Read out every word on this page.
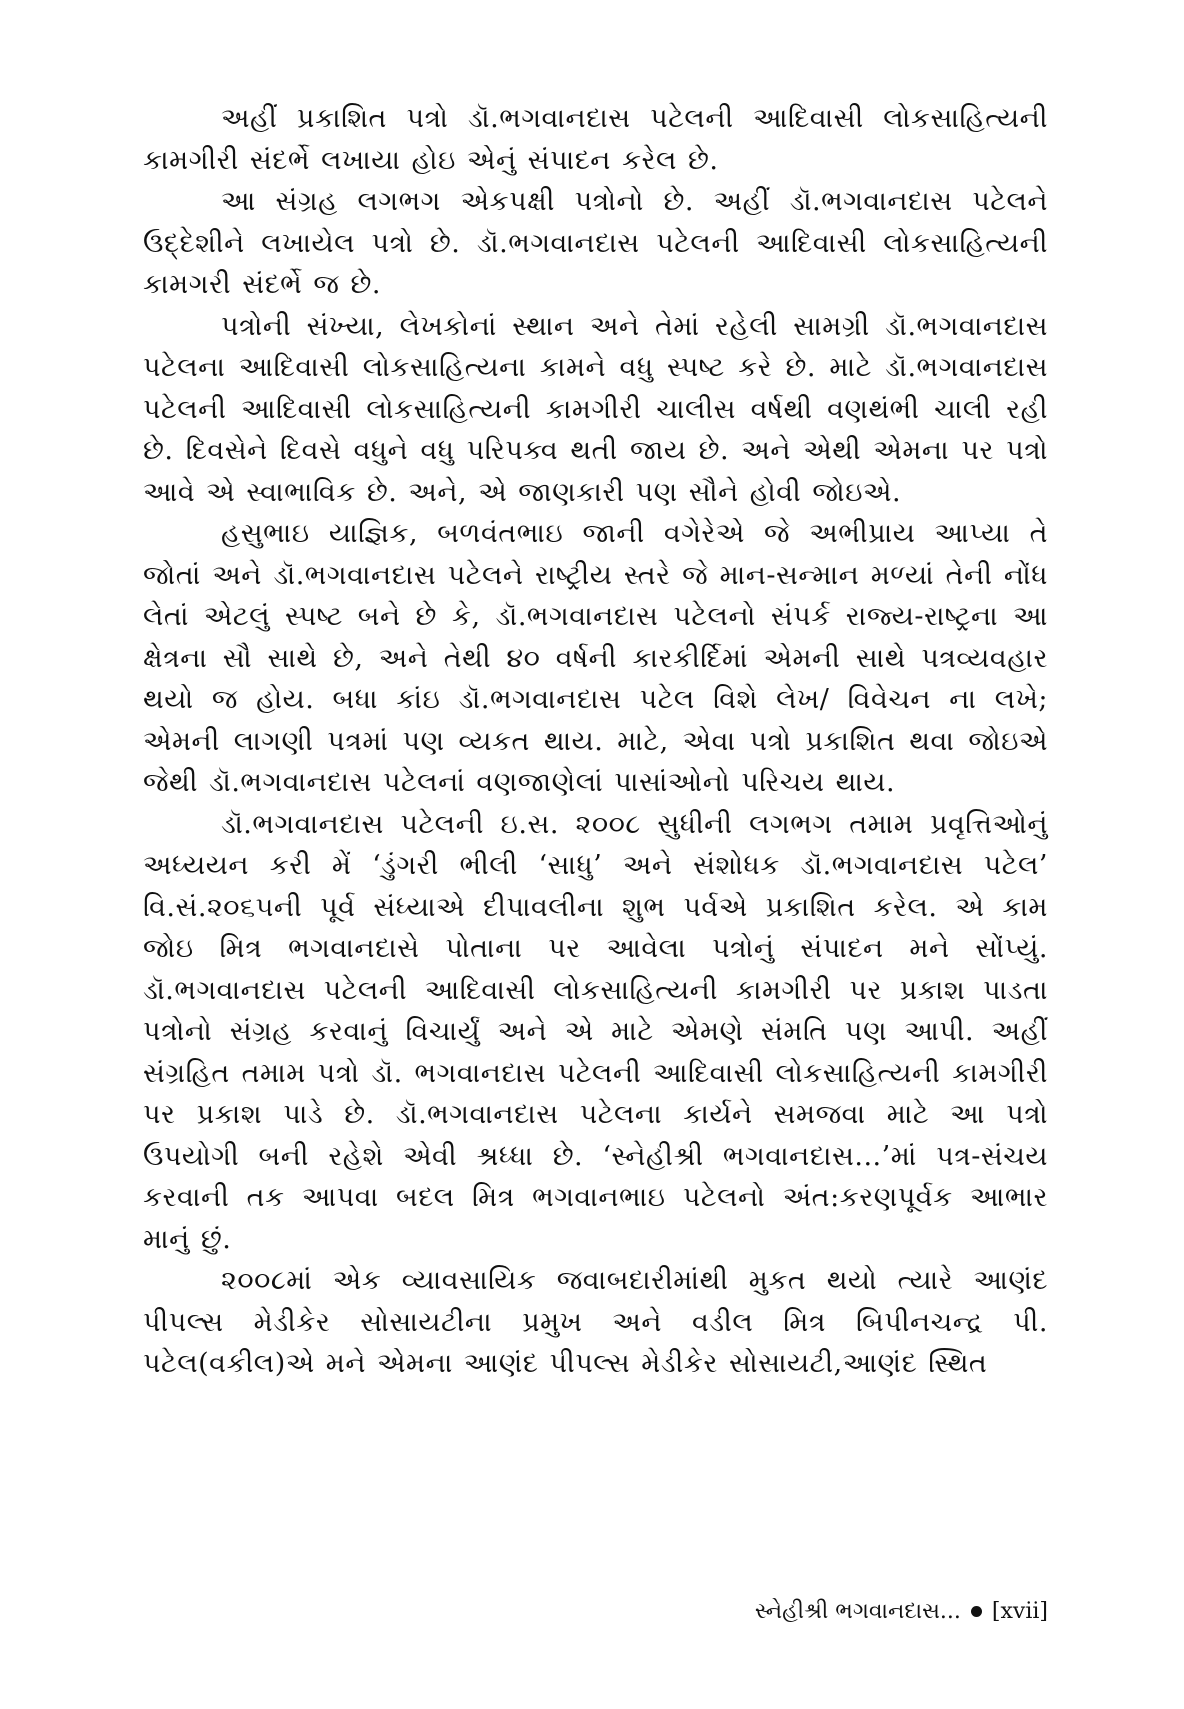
અહીં પ્રકાશિત પત્રો ડૉ.ભગવાનદાસ પટેલની આદિવાસી લોકસાહિત્યની કામગીરી સંદર્ભે લખાયા હોઇ એનું સંપાદન કરેલ છે.

આ સંગ્રહ લગભગ એકપક્ષી પત્રોનો છે. અહીં ડૉ.ભગવાનદાસ પટેલને ઉદ્દેશીને લખાયેલ પત્રો છે. ડૉ.ભગવાનદાસ પટેલની આદિવાસી લોકસાહિત્યની કામગરી સંદર્ભે જ છે.

પત્રોની સંખ્યા, લેખકોનાં સ્થાન અને તેમાં રહેલી સામગ્રી ડૉ.ભગવાનદાસ પટેલના આદિવાસી લોકસાહિત્યના કામને વધુ સ્પષ્ટ કરે છે. માટે ડૉ.ભગવાનદાસ પટેલની આદિવાસી લોકસાહિત્યની કામગીરી ચાલીસ વર્ષથી વણથંભી ચાલી રહી છે. દિવસેને દિવસે વધુને વધુ પરિપક્વ થતી જાય છે. અને એથી એમના પર પત્રો આવે એ સ્વાભાવિક છે. અને, એ જાણકારી પણ સૌને હોવી જોઇએ.

હસુભાઇ યાજ્ઞિક, બળવંતભાઇ જાની વગેરેએ જે અભીપ્રાય આપ્યા તે જોતાં અને ડૉ.ભગવાનદાસ પટેલને રાષ્ટ્રીય સ્તરે જે માન-સન્માન મળ્યાં તેની નોંધ લેતાં એટલું સ્પષ્ટ બને છે કે, ડૉ.ભગવાનદાસ પટેલનો સંપર્ક રાજ્ય-રાષ્ટ્રના આ ક્ષેત્રના સૌ સાથે છે, અને તેથી ૪૦ વર્ષની કારકીર્દિમાં એમની સાથે પત્રવ્યવહાર થયો જ હોય. બધા કાંઇ ડૉ.ભગવાનદાસ પટેલ વિશે લેખ/ વિવેચન ના લખે; એમની લાગણી પત્રમાં પણ વ્યકત થાય. માટે, એવા પત્રો પ્રકાશિત થવા જોઇએ જેથી ડૉ.ભગવાનદાસ પટેલનાં વણજાણેલાં પાસાંઓનો પરિચય થાય.

ડૉ.ભગવાનદાસ પટેલની ઇ.સ. ૨૦૦૮ સુધીની લગભગ તમામ પ્રવૃત્તિઓનું અધ્યયન કરી મેં ‘ડુંગરી ભીલી ‘સાધુ’ અને સંશોધક ડૉ.ભગવાનદાસ પટેલ’ વિ.સં.૨૦૬૫ની પૂર્વ સંધ્યાએ દીપાવલીના શુભ પર્વએ પ્રકાશિત કરેલ. એ કામ જોઇ મિત્ર ભગવાનદાસે પોતાના પર આવેલા પત્રોનું સંપાદન મને સોંપ્યું. ડૉ.ભગવાનદાસ પટેલની આદિવાસી લોકસાહિત્યની કામગીરી પર પ્રકાશ પાડતા પત્રોનો સંગ્રહ કરવાનું વિચાર્યું અને એ માટે એમણે સંમતિ પણ આપી. અહીં સંગ્રહિત તમામ પત્રો ડૉ. ભગવાનદાસ પટેલની આદિવાસી લોકસાહિત્યની કામગીરી પર પ્રકાશ પાડે છે. ડૉ.ભગવાનદાસ પટેલના કાર્યને સમજવા માટે આ પત્રો ઉપયોગી બની રહેશે એવી શ્રધ્ધા છે. ‘સ્નેહીશ્રી ભગવાનદાસ...’માં પત્ર-સંચય કરવાની તક આપવા બદલ મિત્ર ભગવાનભાઇ પટેલનો અંત:કરણપૂર્વક આભાર માનું છું.

૨૦૦૮માં એક વ્યાવસાયિક જવાબદારીમાંથી મુકત થયો ત્યારે આણંદ પીપલ્સ મેડીકેર સોસાયટીના પ્રમુખ અને વડીલ મિત્ર બિપીનચન્દ્ર પી. પટેલ(વકીલ)એ મને એમના આણંદ પીપલ્સ મેડીકેર સોસાયટી,આણંદ સ્થિત

સ્નેહીશ્રી ભગવાનદાસ... [xvii]
